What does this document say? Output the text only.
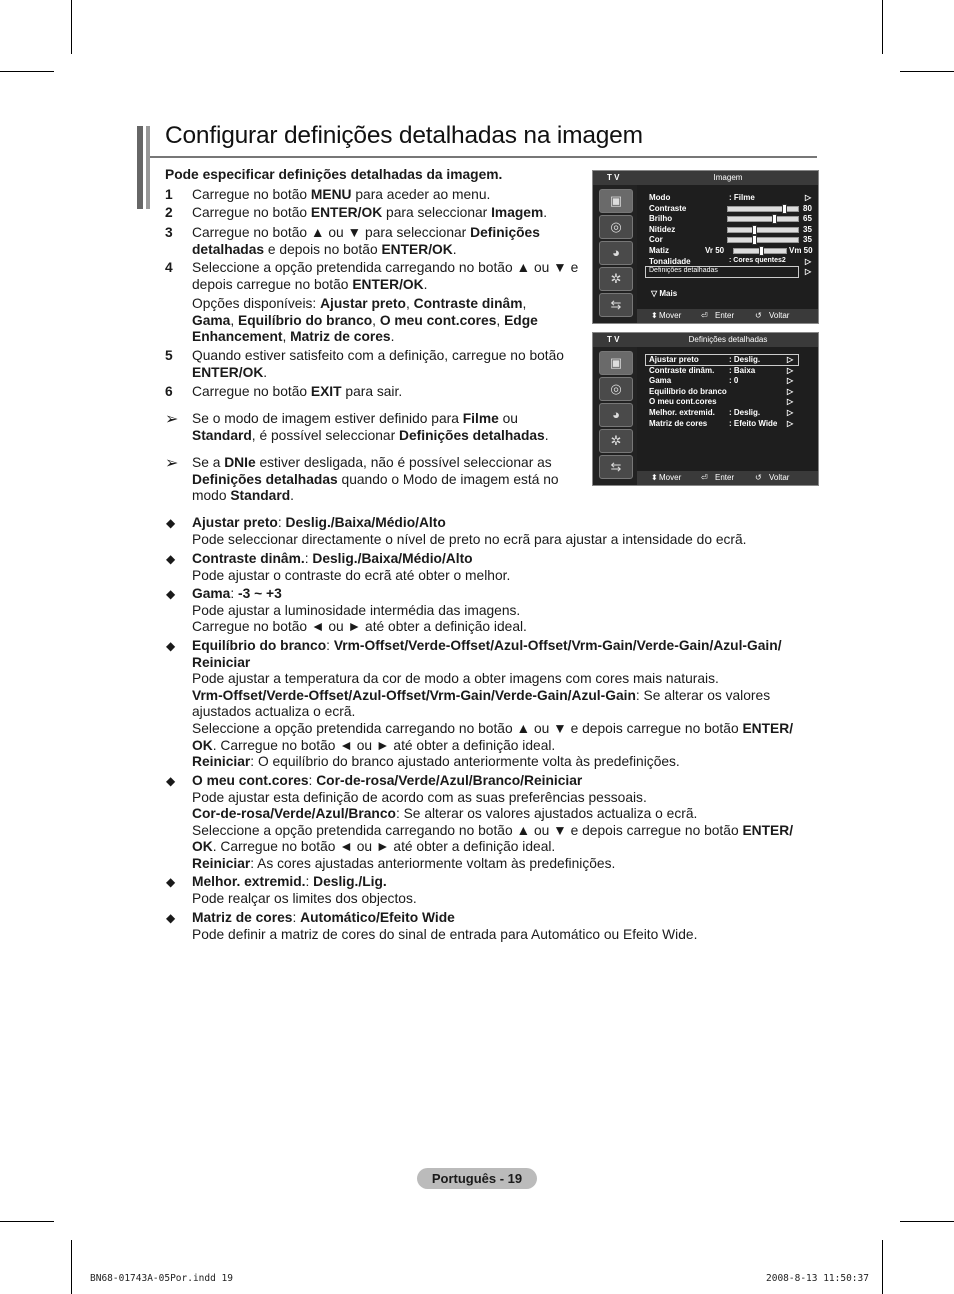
Configurar definições detalhadas na imagem
Pode especificar definições detalhadas da imagem.
1 Carregue no botão MENU para aceder ao menu.
2 Carregue no botão ENTER/OK para seleccionar Imagem.
3 Carregue no botão ▲ ou ▼ para seleccionar Definições
detalhadas e depois no botão ENTER/OK.
4 Seleccione a opção pretendida carregando no botão ▲ ou ▼ e
depois carregue no botão ENTER/OK.
Opções disponíveis: Ajustar preto, Contraste dinâm,
Gama, Equilíbrio do branco, O meu cont.cores, Edge
Enhancement, Matriz de cores.
5 Quando estiver satisfeito com a definição, carregue no botão
ENTER/OK.
6 Carregue no botão EXIT para sair.
➢ Se o modo de imagem estiver definido para Filme ou
Standard, é possível seleccionar Definições detalhadas.
➢ Se a DNIe estiver desligada, não é possível seleccionar as
Definições detalhadas quando o Modo de imagem está no
modo Standard.
◆ Ajustar preto: Deslig./Baixa/Médio/Alto
Pode seleccionar directamente o nível de preto no ecrã para ajustar a intensidade do ecrã.
◆ Contraste dinâm.: Deslig./Baixa/Médio/Alto
Pode ajustar o contraste do ecrã até obter o melhor.
◆ Gama: -3 ~ +3
Pode ajustar a luminosidade intermédia das imagens.
Carregue no botão ◄ ou ► até obter a definição ideal.
◆ Equilíbrio do branco: Vrm-Offset/Verde-Offset/Azul-Offset/Vrm-Gain/Verde-Gain/Azul-Gain/
Reiniciar
Pode ajustar a temperatura da cor de modo a obter imagens com cores mais naturais.
Vrm-Offset/Verde-Offset/Azul-Offset/Vrm-Gain/Verde-Gain/Azul-Gain: Se alterar os valores
ajustados actualiza o ecrã.
Seleccione a opção pretendida carregando no botão ▲ ou ▼ e depois carregue no botão ENTER/
OK. Carregue no botão ◄ ou ► até obter a definição ideal.
Reiniciar: O equilíbrio do branco ajustado anteriormente volta às predefinições.
◆ O meu cont.cores: Cor-de-rosa/Verde/Azul/Branco/Reiniciar
Pode ajustar esta definição de acordo com as suas preferências pessoais.
Cor-de-rosa/Verde/Azul/Branco: Se alterar os valores ajustados actualiza o ecrã.
Seleccione a opção pretendida carregando no botão ▲ ou ▼ e depois carregue no botão ENTER/
OK. Carregue no botão ◄ ou ► até obter a definição ideal.
Reiniciar: As cores ajustadas anteriormente voltam às predefinições.
◆ Melhor. extremid.: Deslig./Lig.
Pode realçar os limites dos objectos.
◆ Matriz de cores: Automático/Efeito Wide
Pode definir a matriz de cores do sinal de entrada para Automático ou Efeito Wide.
T V	Imagem
▣
◎
◕
✲
⇆
Modo	: Filme	▷
Contraste	80
Brilho	65
Nitidez	35
Cor	35
Matiz	Vr 50	Vm 50
Tonalidade	: Cores quentes2 ▷
Definições detalhadas	▷
▽ Mais
Mover
⬍	Enter
⏎	Voltar
↺
T V	Definições detalhadas
▣
◎
◕
✲
⇆
Ajustar preto	: Deslig.	▷
Contraste dinâm. : Baixa	▷
Gama	: 0	▷
Equilíbrio do branco	▷
O meu cont.cores	▷
Melhor. extremid. : Deslig.	▷
Matriz de cores	: Efeito Wide ▷
Mover
⬍	Enter
⏎	Voltar
↺
Português - 19
BN68-01743A-05Por.indd 19	2008-8-13 11:50:37
